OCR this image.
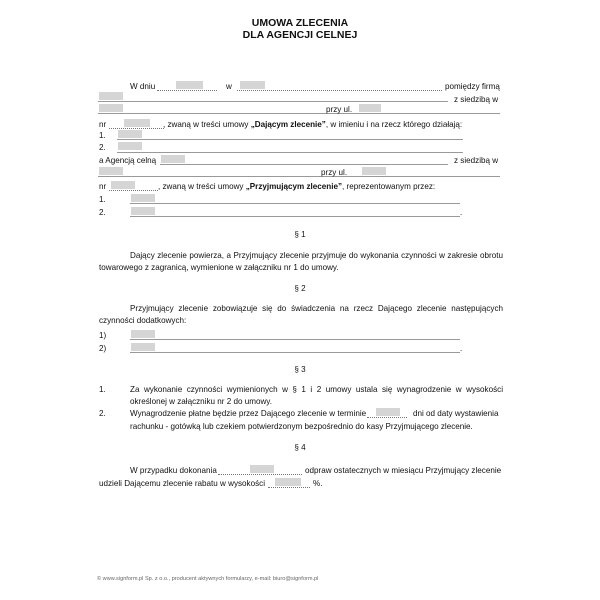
UMOWA ZLECENIA
DLA AGENCJI CELNEJ
W dniu	w	pomiędzy firmą
z siedzibą w
przy ul.
nr	, zwaną w treści umowy „Dającym zlecenie”, w imieniu i na rzecz którego działają:
1.
2.
a Agencją celną	z siedzibą w
przy ul.
nr	, zwaną w treści umowy „Przyjmującym zlecenie”, reprezentowanym przez:
1.
2.	.
§ 1
Dający zlecenie powierza, a Przyjmujący zlecenie przyjmuje do wykonania czynności w zakresie obrotu towarowego z zagranicą, wymienione w załączniku nr 1 do umowy.
§ 2
Przyjmujący zlecenie zobowiązuje się do świadczenia na rzecz Dającego zlecenie następujących czynności dodatkowych:
1)
2)	.
§ 3
1.	Za wykonanie czynności wymienionych w § 1 i 2 umowy ustala się wynagrodzenie w wysokości określonej w załączniku nr 2 do umowy.
2.	Wynagrodzenie płatne będzie przez Dającego zlecenie w terminie	dni od daty wystawienia
rachunku - gotówką lub czekiem potwierdzonym bezpośrednio do kasy Przyjmującego zlecenie.
§ 4
W przypadku dokonania	odpraw ostatecznych w miesiącu Przyjmujący zlecenie
udzieli Dającemu zlecenie rabatu w wysokości	%.
© www.signform.pl Sp. z o.o., producent aktywnych formularzy, e-mail: biuro@signform.pl
